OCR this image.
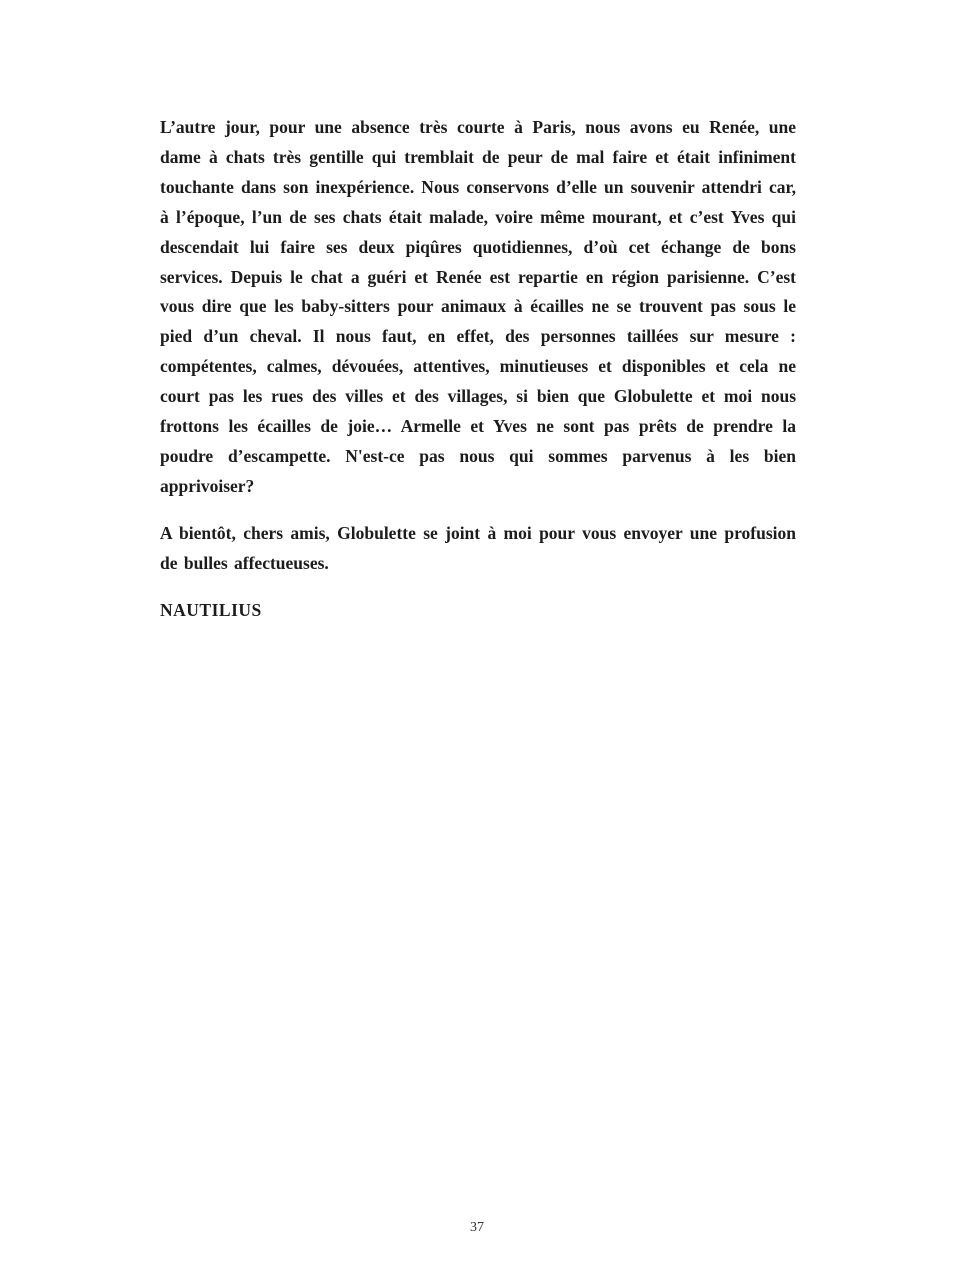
L’autre jour, pour une absence très courte à Paris, nous avons eu Renée, une dame à chats très gentille qui tremblait de peur de mal faire et était infiniment touchante dans son inexpérience. Nous conservons d’elle un souvenir attendri car, à l’époque, l’un de ses chats était malade, voire même mourant, et c’est Yves qui descendait lui faire ses deux piqûres quotidiennes, d’où cet échange de bons services. Depuis le chat a guéri et Renée est repartie en région parisienne. C’est vous dire que les baby-sitters pour animaux à écailles ne se trouvent pas sous le pied d’un cheval. Il nous faut, en effet, des personnes taillées sur mesure : compétentes, calmes, dévouées, attentives, minutieuses et disponibles et cela ne court pas les rues des villes et des villages, si bien que Globulette et moi nous frottons les écailles de joie… Armelle et Yves ne sont pas prêts de prendre la poudre d’escampette. N'est-ce pas nous qui sommes parvenus à les bien apprivoiser?

A bientôt, chers amis, Globulette se joint à moi pour vous envoyer une profusion de bulles affectueuses.

NAUTILIUS

37
